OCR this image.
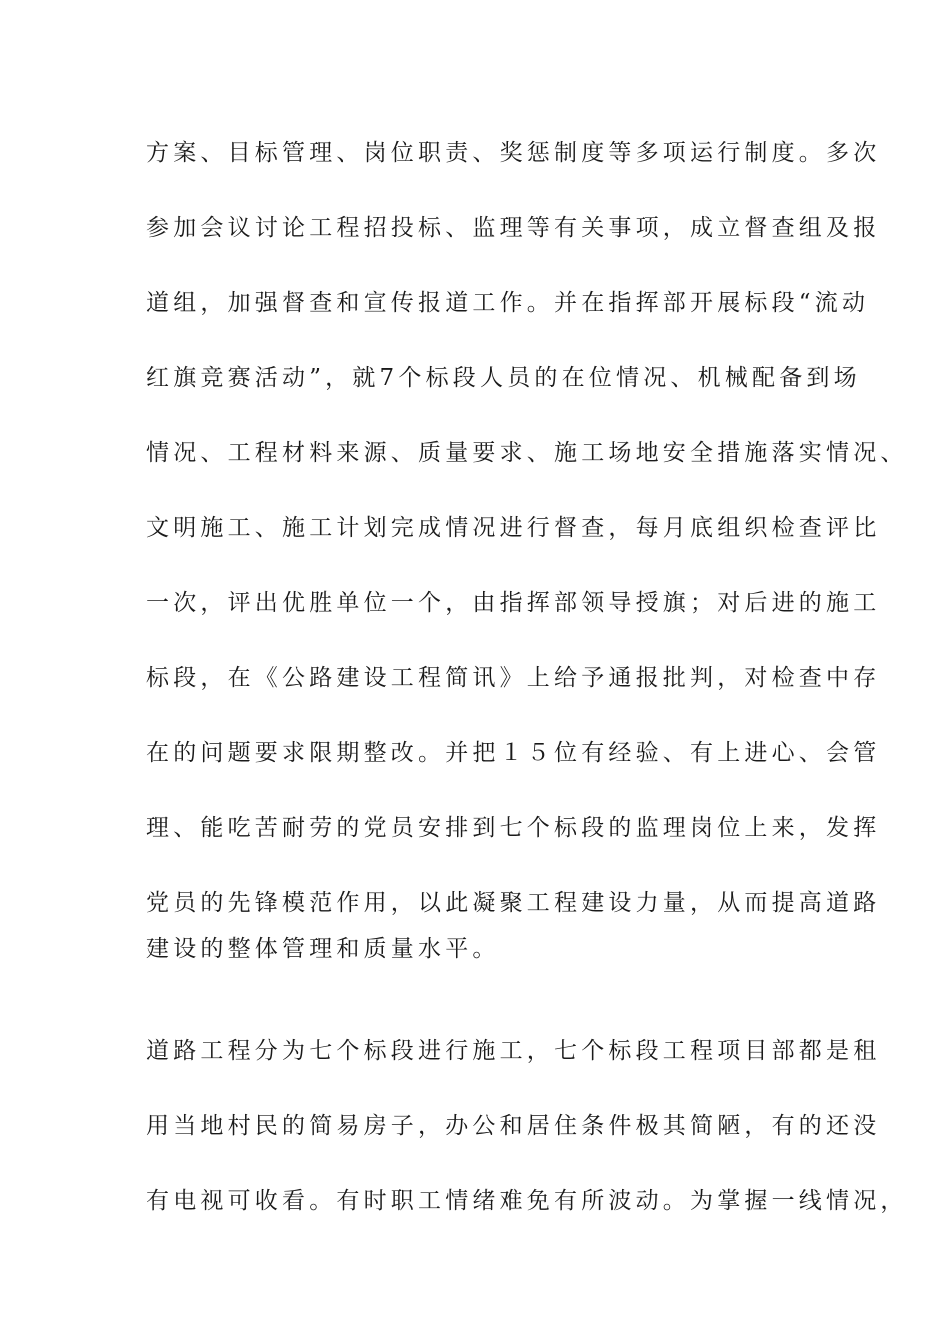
方案、目标管理、岗位职责、奖惩制度等多项运行制度。多次
参加会议讨论工程招投标、监理等有关事项，成立督查组及报
道组，加强督查和宣传报道工作。并在指挥部开展标段“流动
红旗竞赛活动”，就7个标段人员的在位情况、机械配备到场
情况、工程材料来源、质量要求、施工场地安全措施落实情况、
文明施工、施工计划完成情况进行督查，每月底组织检查评比
一次，评出优胜单位一个，由指挥部领导授旗；对后进的施工
标段，在《公路建设工程简讯》上给予通报批判，对检查中存
在的问题要求限期整改。并把１５位有经验、有上进心、会管
理、能吃苦耐劳的党员安排到七个标段的监理岗位上来，发挥
党员的先锋模范作用，以此凝聚工程建设力量，从而提高道路
建设的整体管理和质量水平。
道路工程分为七个标段进行施工，七个标段工程项目部都是租
用当地村民的简易房子，办公和居住条件极其简陋，有的还没
有电视可收看。有时职工情绪难免有所波动。为掌握一线情况，
